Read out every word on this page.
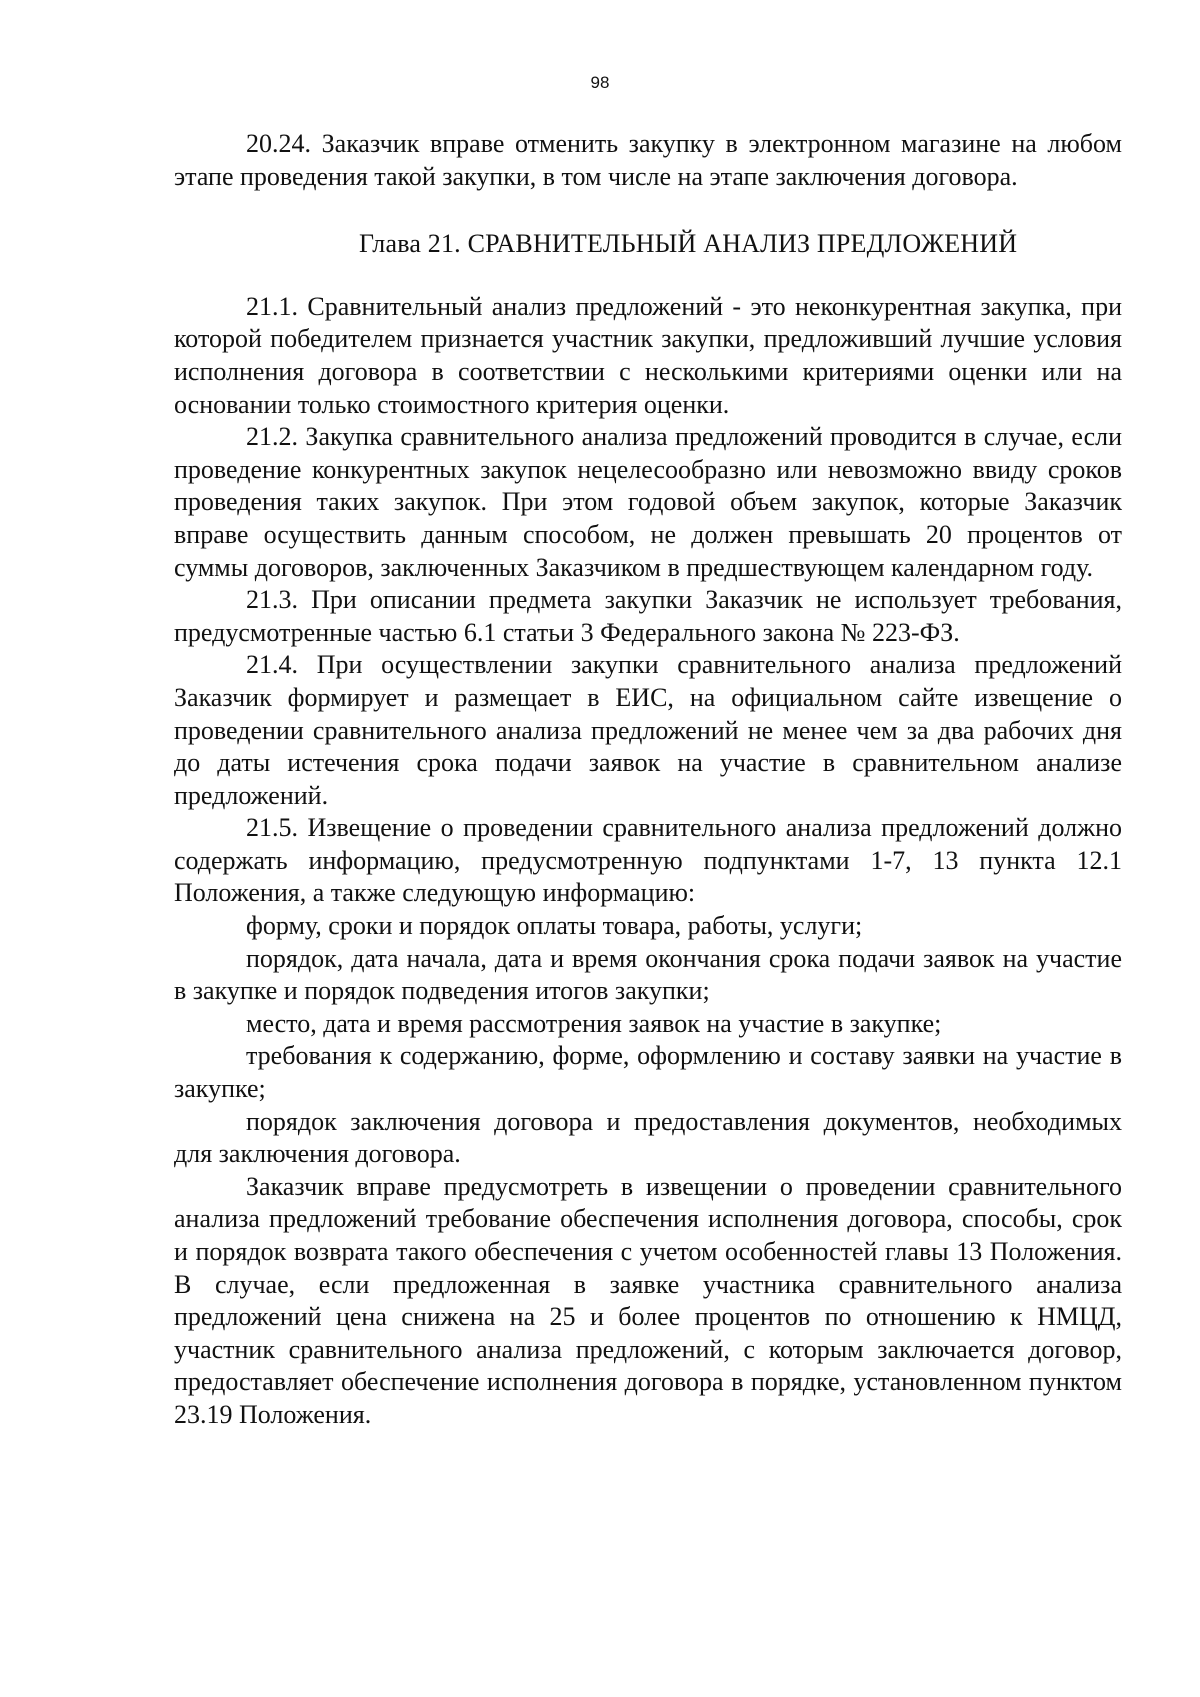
98

20.24. Заказчик вправе отменить закупку в электронном магазине на любом этапе проведения такой закупки, в том числе на этапе заключения договора.

Глава 21. СРАВНИТЕЛЬНЫЙ АНАЛИЗ ПРЕДЛОЖЕНИЙ

21.1. Сравнительный анализ предложений - это неконкурентная закупка, при которой победителем признается участник закупки, предложивший лучшие условия исполнения договора в соответствии с несколькими критериями оценки или на основании только стоимостного критерия оценки.

21.2. Закупка сравнительного анализа предложений проводится в случае, если проведение конкурентных закупок нецелесообразно или невозможно ввиду сроков проведения таких закупок. При этом годовой объем закупок, которые Заказчик вправе осуществить данным способом, не должен превышать 20 процентов от суммы договоров, заключенных Заказчиком в предшествующем календарном году.

21.3. При описании предмета закупки Заказчик не использует требования, предусмотренные частью 6.1 статьи 3 Федерального закона № 223-ФЗ.

21.4. При осуществлении закупки сравнительного анализа предложений Заказчик формирует и размещает в ЕИС, на официальном сайте извещение о проведении сравнительного анализа предложений не менее чем за два рабочих дня до даты истечения срока подачи заявок на участие в сравнительном анализе предложений.

21.5. Извещение о проведении сравнительного анализа предложений должно содержать информацию, предусмотренную подпунктами 1-7, 13 пункта 12.1 Положения, а также следующую информацию:

форму, сроки и порядок оплаты товара, работы, услуги;

порядок, дата начала, дата и время окончания срока подачи заявок на участие в закупке и порядок подведения итогов закупки;

место, дата и время рассмотрения заявок на участие в закупке;

требования к содержанию, форме, оформлению и составу заявки на участие в закупке;

порядок заключения договора и предоставления документов, необходимых для заключения договора.

Заказчик вправе предусмотреть в извещении о проведении сравнительного анализа предложений требование обеспечения исполнения договора, способы, срок и порядок возврата такого обеспечения с учетом особенностей главы 13 Положения. В случае, если предложенная в заявке участника сравнительного анализа предложений цена снижена на 25 и более процентов по отношению к НМЦД, участник сравнительного анализа предложений, с которым заключается договор, предоставляет обеспечение исполнения договора в порядке, установленном пунктом 23.19 Положения.
